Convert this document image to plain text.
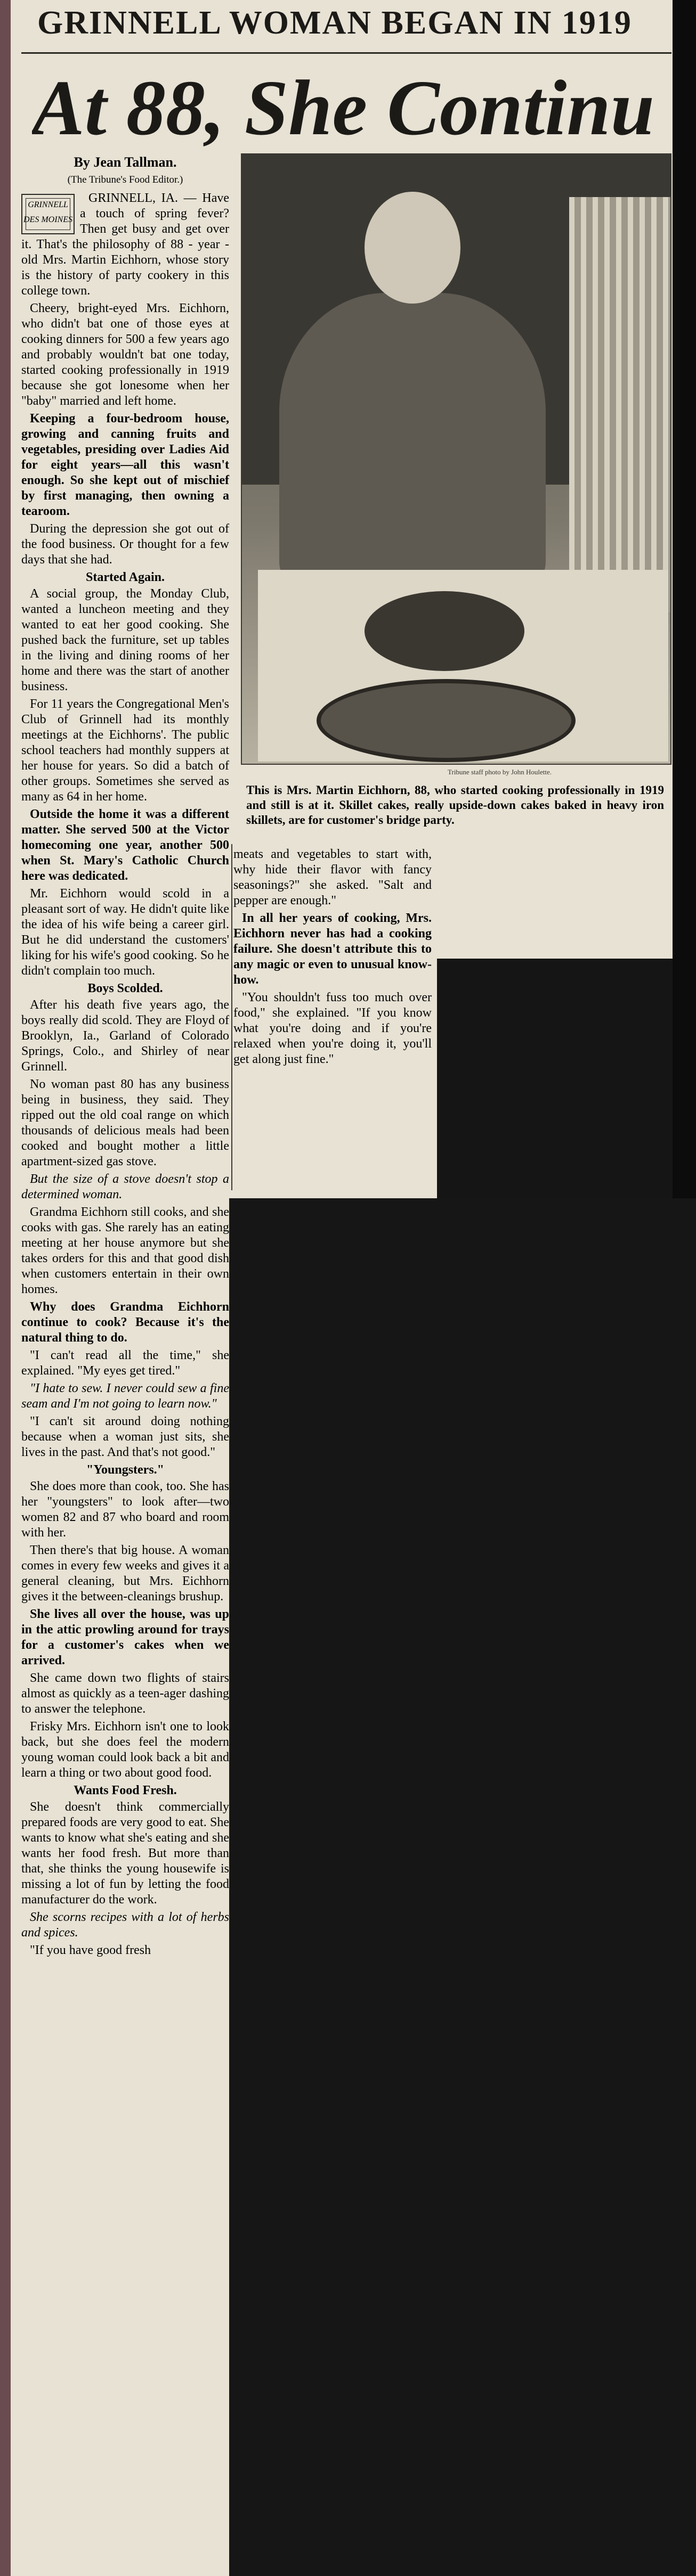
GRINNELL WOMAN BEGAN IN 1919
At 88, She Continu

By Jean Tallman.

(The Tribune's Food Editor.)

GRINNELL
DES MOINES

GRINNELL, IA. — Have a touch of spring fever? Then get busy and get over it. That's the philosophy of 88 - year - old Mrs. Martin Eichhorn, whose story is the history of party cookery in this college town.

Cheery, bright-eyed Mrs. Eichhorn, who didn't bat one of those eyes at cooking dinners for 500 a few years ago and probably wouldn't bat one today, started cooking professionally in 1919 because she got lonesome when her "baby" married and left home.

Keeping a four-bedroom house, growing and canning fruits and vegetables, presiding over Ladies Aid for eight years—all this wasn't enough. So she kept out of mischief by first managing, then owning a tearoom.

During the depression she got out of the food business. Or thought for a few days that she had.

Started Again.

A social group, the Monday Club, wanted a luncheon meeting and they wanted to eat her good cooking. She pushed back the furniture, set up tables in the living and dining rooms of her home and there was the start of another business.

For 11 years the Congregational Men's Club of Grinnell had its monthly meetings at the Eichhorns'. The public school teachers had monthly suppers at her house for years. So did a batch of other groups. Sometimes she served as many as 64 in her home.

Outside the home it was a different matter. She served 500 at the Victor homecoming one year, another 500 when St. Mary's Catholic Church here was dedicated.

Mr. Eichhorn would scold in a pleasant sort of way. He didn't quite like the idea of his wife being a career girl. But he did understand the customers' liking for his wife's good cooking. So he didn't complain too much.

Boys Scolded.

After his death five years ago, the boys really did scold. They are Floyd of Brooklyn, Ia., Garland of Colorado Springs, Colo., and Shirley of near Grinnell.

No woman past 80 has any business being in business, they said. They ripped out the old coal range on which thousands of delicious meals had been cooked and bought mother a little apartment-sized gas stove.

But the size of a stove doesn't stop a determined woman.

Grandma Eichhorn still cooks, and she cooks with gas. She rarely has an eating meeting at her house anymore but she takes orders for this and that good dish when customers entertain in their own homes.

Why does Grandma Eichhorn continue to cook? Because it's the natural thing to do.

"I can't read all the time," she explained. "My eyes get tired."

"I hate to sew. I never could sew a fine seam and I'm not going to learn now."

"I can't sit around doing nothing because when a woman just sits, she lives in the past. And that's not good."

"Youngsters."

She does more than cook, too. She has her "youngsters" to look after—two women 82 and 87 who board and room with her.

Then there's that big house. A woman comes in every few weeks and gives it a general cleaning, but Mrs. Eichhorn gives it the between-cleanings brushup.

She lives all over the house, was up in the attic prowling around for trays for a customer's cakes when we arrived.

She came down two flights of stairs almost as quickly as a teen-ager dashing to answer the telephone.

Frisky Mrs. Eichhorn isn't one to look back, but she does feel the modern young woman could look back a bit and learn a thing or two about good food.

Wants Food Fresh.

She doesn't think commercially prepared foods are very good to eat. She wants to know what she's eating and she wants her food fresh. But more than that, she thinks the young housewife is missing a lot of fun by letting the food manufacturer do the work.

She scorns recipes with a lot of herbs and spices.

"If you have good fresh

Tribune staff photo by John Houlette.
This is Mrs. Martin Eichhorn, 88, who started cooking professionally in 1919 and still is at it. Skillet cakes, really upside-down cakes baked in heavy iron skillets, are for customer's bridge party.

meats and vegetables to start with, why hide their flavor with fancy seasonings?" she asked. "Salt and pepper are enough."

In all her years of cooking, Mrs. Eichhorn never has had a cooking failure. She doesn't attribute this to any magic or even to unusual know-how.

"You shouldn't fuss too much over food," she explained. "If you know what you're doing and if you're relaxed when you're doing it, you'll get along just fine."
